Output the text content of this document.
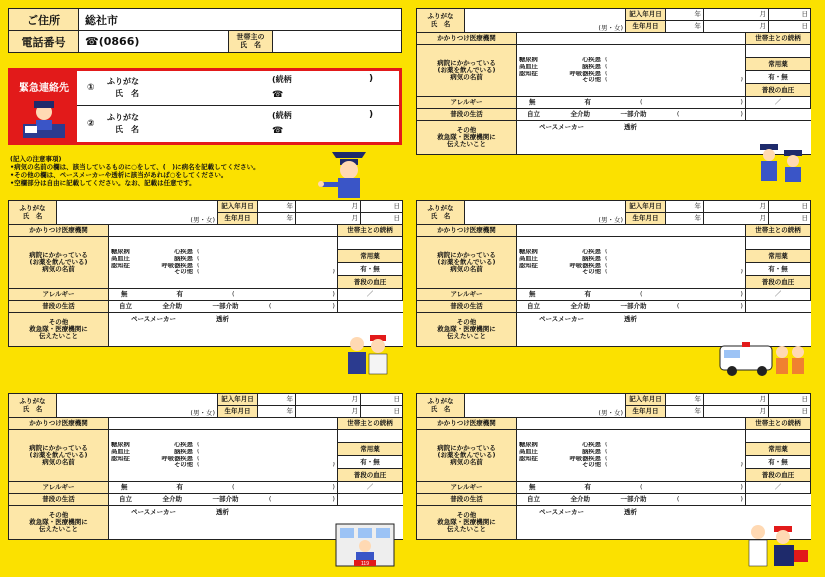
ご住所	総社市		
電話番号	☎(0866)	世帯主の
氏　名	
緊急連絡先	①
ふりがな
氏　名
(続柄	)
☎
②
ふりがな
氏　名
(続柄	)
☎
(記入の注意事項)
•病気の名前の欄は、該当しているものに○をして、(　)に病名を記載してください。
•その他の欄は、ペースメーカーや透析に該当があれば○をしてください。
•空欄部分は自由に記載してください。なお、記載は任意です。
ふりがな
氏　名	
(男・女)
	記入年月日	年	月	日
生年月日	年	月	日
かかりつけ医療機関		世帯主との続柄
病院にかかっている
(お薬を飲んでいる)
病気の名前	
糖尿病	心疾患	(
高血圧	脳疾患	(
認知症	呼吸器疾患	(
	その他	(	)

常用薬
有・無
普段の血圧

アレルギー	無	有	(	)	／
普段の生活	自立	全介助	一部介助	(	)

その他
救急隊・医療機関に
伝えたいこと	ペースメーカー	透析
ふりがな
氏　名	
(男・女)
	記入年月日	年	月	日
生年月日	年	月	日
かかりつけ医療機関		世帯主との続柄
病院にかかっている
(お薬を飲んでいる)
病気の名前	
糖尿病	心疾患	(
高血圧	脳疾患	(
認知症	呼吸器疾患	(
	その他	(	)

常用薬
有・無
普段の血圧

アレルギー	無	有	(	)	／
普段の生活	自立	全介助	一部介助	(	)

その他
救急隊・医療機関に
伝えたいこと	ペースメーカー	透析
ふりがな
氏　名	
(男・女)
	記入年月日	年	月	日
生年月日	年	月	日
かかりつけ医療機関		世帯主との続柄
病院にかかっている
(お薬を飲んでいる)
病気の名前	
糖尿病	心疾患	(
高血圧	脳疾患	(
認知症	呼吸器疾患	(
	その他	(	)

常用薬
有・無
普段の血圧

アレルギー	無	有	(	)	／
普段の生活	自立	全介助	一部介助	(	)

その他
救急隊・医療機関に
伝えたいこと	ペースメーカー	透析
ふりがな
氏　名	
(男・女)
	記入年月日	年	月	日
生年月日	年	月	日
かかりつけ医療機関		世帯主との続柄
病院にかかっている
(お薬を飲んでいる)
病気の名前	
糖尿病	心疾患	(
高血圧	脳疾患	(
認知症	呼吸器疾患	(
	その他	(	)

常用薬
有・無
普段の血圧

アレルギー	無	有	(	)	／
普段の生活	自立	全介助	一部介助	(	)

その他
救急隊・医療機関に
伝えたいこと	ペースメーカー	透析
ふりがな
氏　名	
(男・女)
	記入年月日	年	月	日
生年月日	年	月	日
かかりつけ医療機関		世帯主との続柄
病院にかかっている
(お薬を飲んでいる)
病気の名前	
糖尿病	心疾患	(
高血圧	脳疾患	(
認知症	呼吸器疾患	(
	その他	(	)

常用薬
有・無
普段の血圧

アレルギー	無	有	(	)	／
普段の生活	自立	全介助	一部介助	(	)

その他
救急隊・医療機関に
伝えたいこと	ペースメーカー	透析
119
